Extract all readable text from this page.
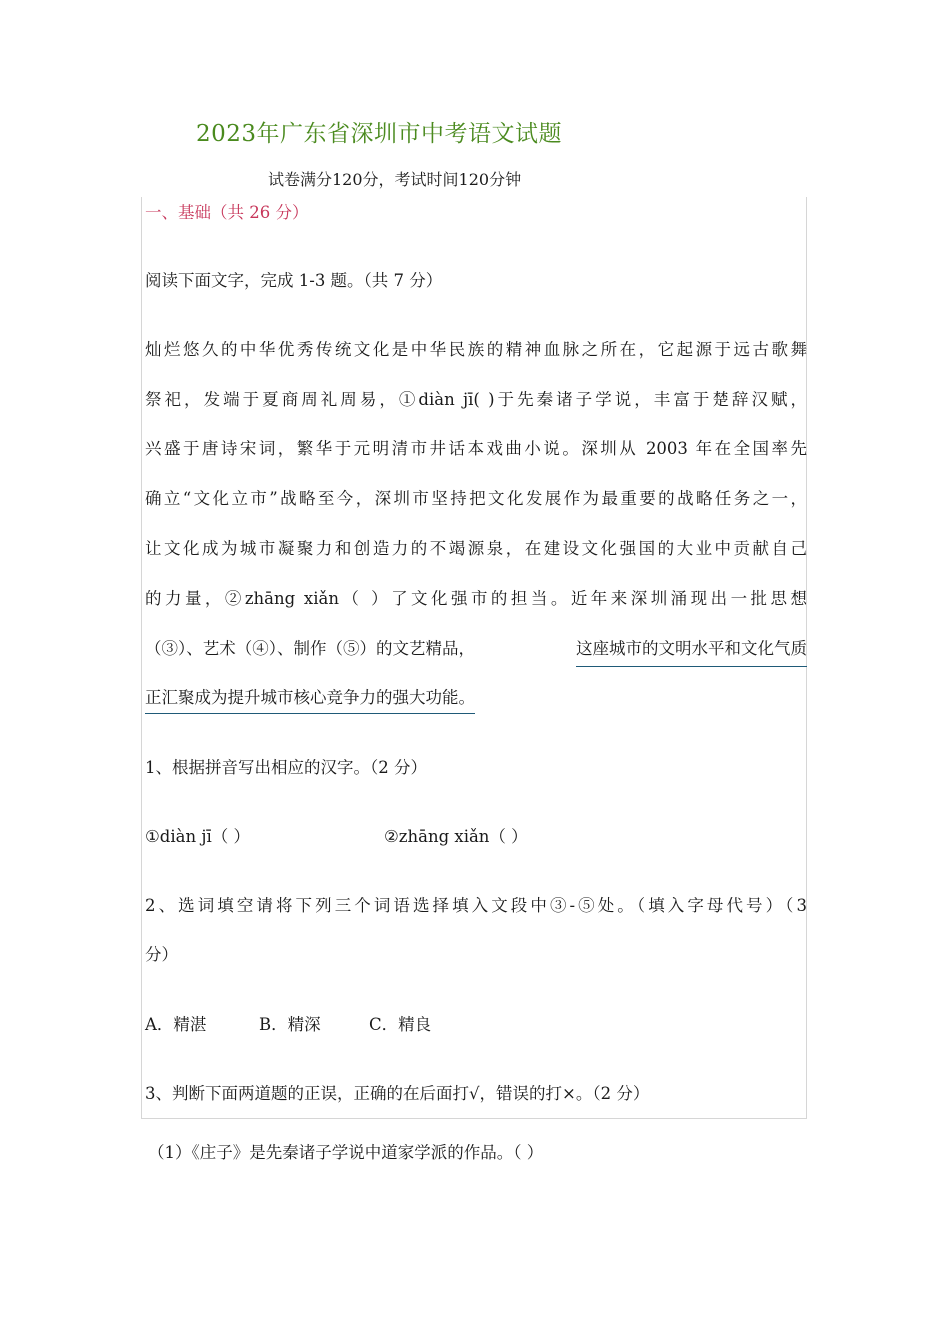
2023年广东省深圳市中考语文试题
试卷满分120分，考试时间120分钟
一、基础（共 26 分）
阅读下面文字，完成 1-3 题。（共 7 分）
灿烂悠久的中华优秀传统文化是中华民族的精神血脉之所在，它起源于远古歌舞
祭祀，发端于夏商周礼周易，①diàn jī( )于先秦诸子学说，丰富于楚辞汉赋，
兴盛于唐诗宋词，繁华于元明清市井话本戏曲小说。深圳从 2003 年在全国率先
确立“文化立市”战略至今，深圳市坚持把文化发展作为最重要的战略任务之一，
让文化成为城市凝聚力和创造力的不竭源泉，在建设文化强国的大业中贡献自己
的力量，②zhāng xiǎn（ ）了文化强市的担当。近年来深圳涌现出一批思想
（③）、艺术（④）、制作（⑤）的文艺精品，	这座城市的文明水平和文化气质
正汇聚成为提升城市核心竞争力的强大功能。
1、根据拼音写出相应的汉字。（2 分）
①diàn jī（ ）	②zhāng xiǎn（ ）
2、选词填空请将下列三个词语选择填入文段中③-⑤处。（填入字母代号）（3
分）
A．精湛	B．精深	C．精良
3、判断下面两道题的正误，正确的在后面打√，错误的打×。（2 分）
（1）《庄子》是先秦诸子学说中道家学派的作品。（ ）
